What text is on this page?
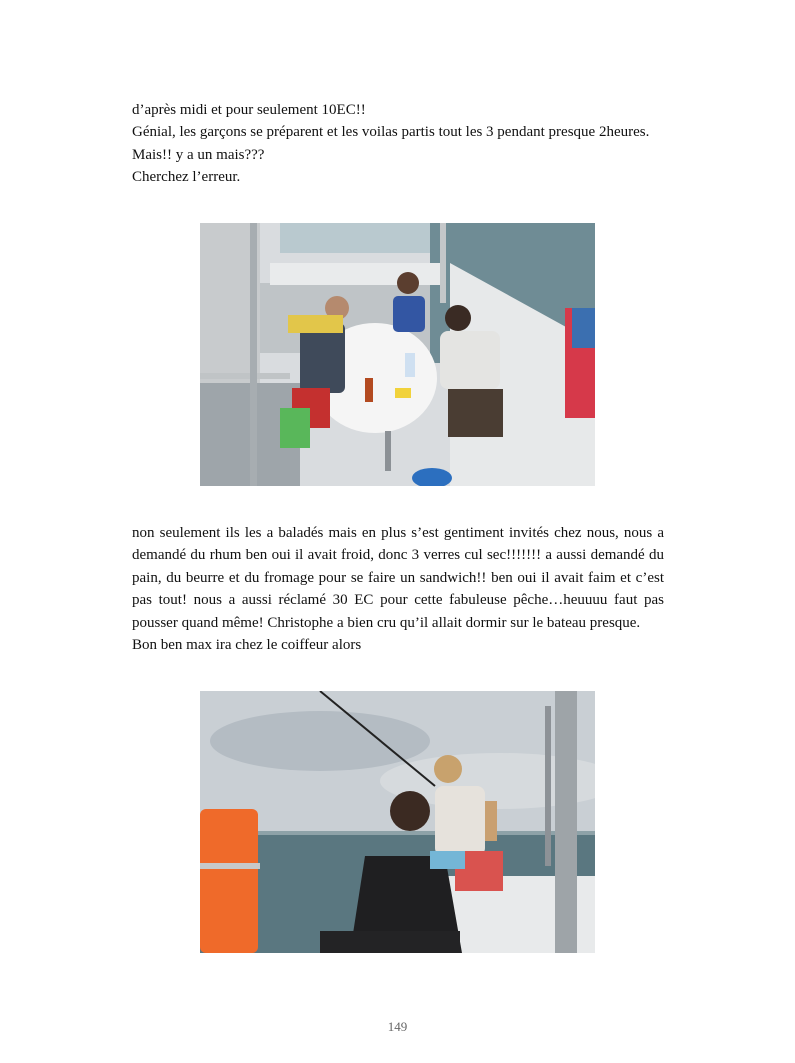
d’après midi et pour seulement 10EC!!

Génial, les garçons se préparent et les voilas partis tout les 3 pendant presque 2heures.

Mais!! y a un mais???

Cherchez l’erreur.

non seulement ils les a baladés mais en plus s’est gentiment invités chez nous, nous a demandé du rhum ben oui il avait froid, donc 3 verres cul sec!!!!!!! a aussi demandé du pain, du beurre et du fromage pour se faire un sandwich!! ben oui il avait faim et c’est pas tout! nous a aussi réclamé 30 EC pour cette fabuleuse pêche…heuuuu faut pas pousser quand même! Christophe a bien cru qu’il allait dormir sur le bateau presque.

Bon ben max ira chez le coiffeur alors

149
